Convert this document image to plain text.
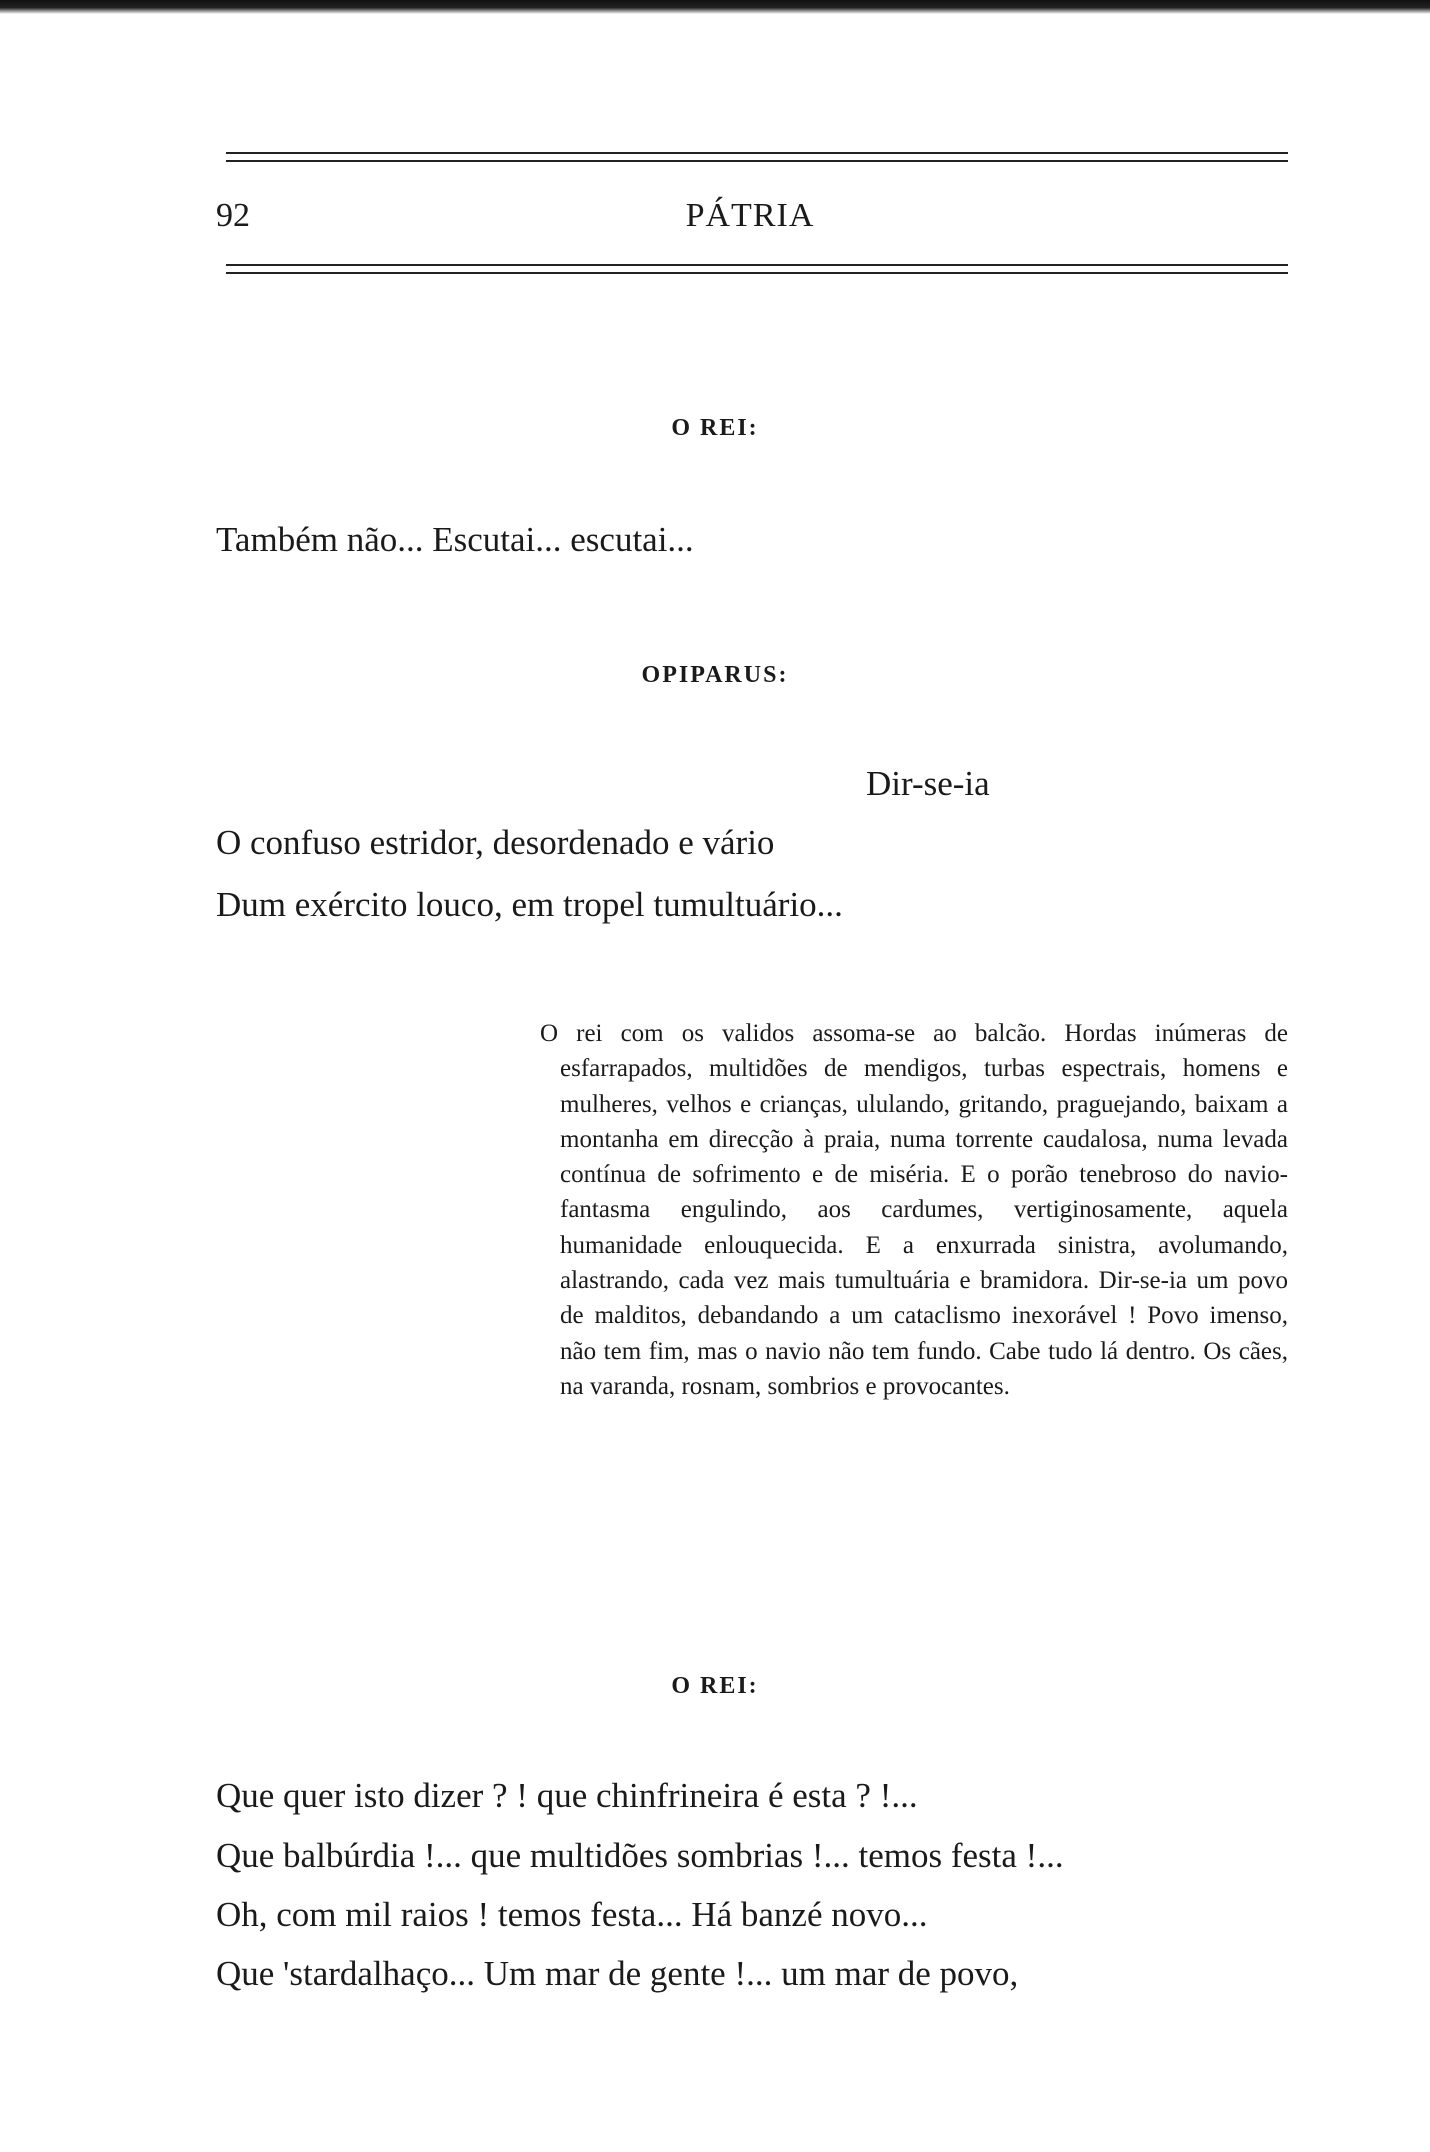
92	PÁTRIA
O REI:
Também não... Escutai... escutai...
OPIPARUS:
Dir-se-ia
O confuso estridor, desordenado e vário
Dum exército louco, em tropel tumultuário...
O rei com os validos assoma-se ao balcão. Hordas inúmeras de esfarrapados, multidões de mendigos, turbas espectrais, homens e mulheres, velhos e crianças, ululando, gritando, praguejando, baixam a montanha em direcção à praia, numa torrente caudalosa, numa levada contínua de sofrimento e de miséria. E o porão tenebroso do navio-fantasma engulindo, aos cardumes, vertiginosamente, aquela humanidade enlouquecida. E a enxurrada sinistra, avolumando, alastrando, cada vez mais tumultuária e bramidora. Dir-se-ia um povo de malditos, debandando a um cataclismo inexorável ! Povo imenso, não tem fim, mas o navio não tem fundo. Cabe tudo lá dentro. Os cães, na varanda, rosnam, sombrios e provocantes.
O REI:
Que quer isto dizer ? ! que chinfrineira é esta ? !...
Que balbúrdia !... que multidões sombrias !... temos festa !...
Oh, com mil raios ! temos festa... Há banzé novo...
Que 'stardalhaço... Um mar de gente !... um mar de povo,
